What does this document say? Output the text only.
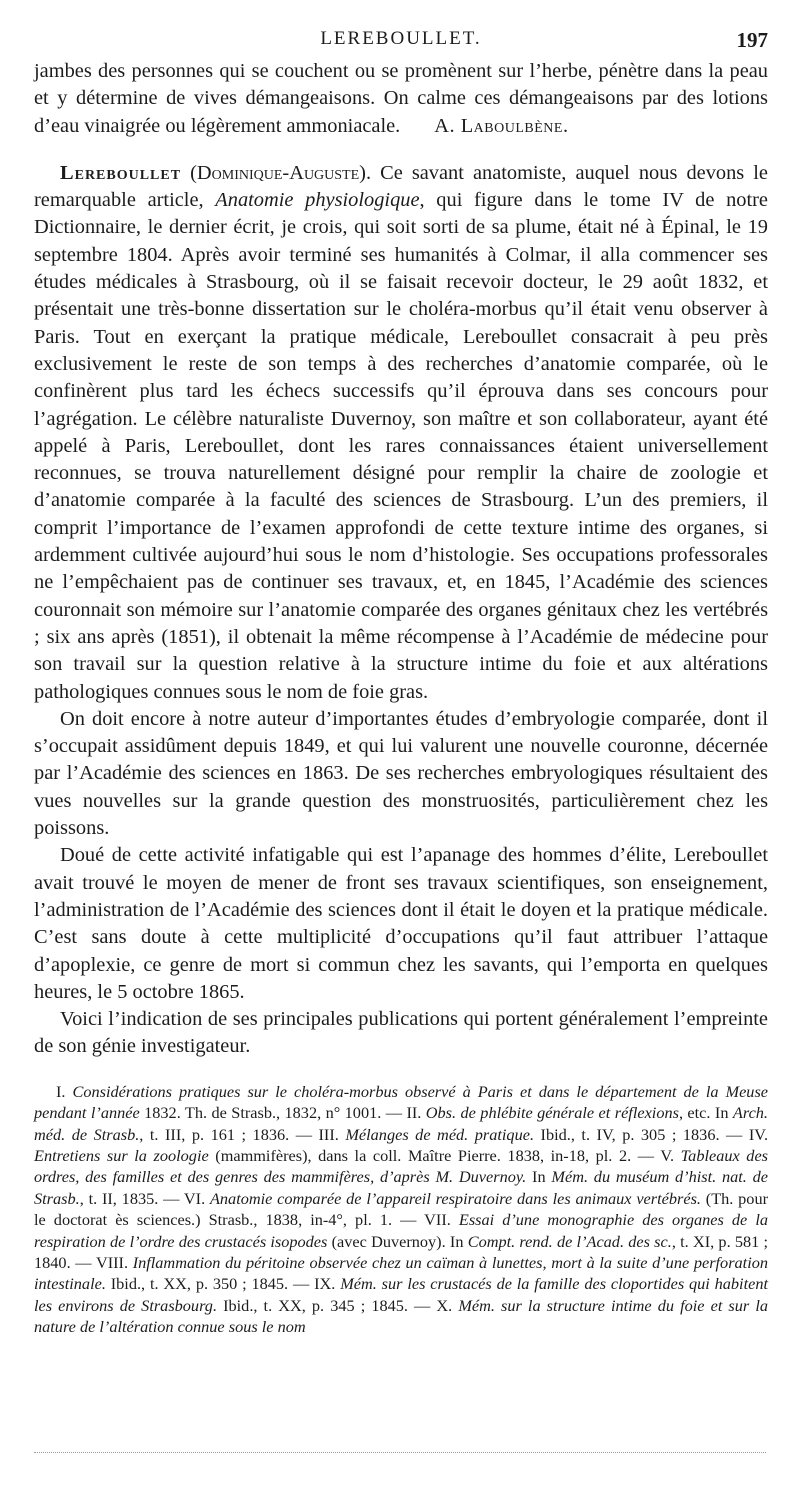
LEREBOULLET.	197

jambes des personnes qui se couchent ou se promènent sur l’herbe, pénètre dans la peau et y détermine de vives démangeaisons. On calme ces démangeaisons par des lotions d’eau vinaigrée ou légèrement ammoniacale. A. Laboulbène.

Lereboullet (Dominique-Auguste). Ce savant anatomiste, auquel nous devons le remarquable article, Anatomie physiologique, qui figure dans le tome IV de notre Dictionnaire, le dernier écrit, je crois, qui soit sorti de sa plume, était né à Épinal, le 19 septembre 1804. Après avoir terminé ses humanités à Colmar, il alla commencer ses études médicales à Strasbourg, où il se faisait recevoir docteur, le 29 août 1832, et présentait une très-bonne dissertation sur le choléra-morbus qu’il était venu observer à Paris. Tout en exerçant la pratique médicale, Lereboullet consacrait à peu près exclusivement le reste de son temps à des recherches d’anatomie comparée, où le confinèrent plus tard les échecs successifs qu’il éprouva dans ses concours pour l’agrégation. Le célèbre naturaliste Duvernoy, son maître et son collaborateur, ayant été appelé à Paris, Lereboullet, dont les rares connaissances étaient universellement reconnues, se trouva naturellement désigné pour remplir la chaire de zoologie et d’anatomie comparée à la faculté des sciences de Strasbourg. L’un des premiers, il comprit l’importance de l’examen approfondi de cette texture intime des organes, si ardemment cultivée aujourd’hui sous le nom d’histologie. Ses occupations professorales ne l’empêchaient pas de continuer ses travaux, et, en 1845, l’Académie des sciences couronnait son mémoire sur l’anatomie comparée des organes génitaux chez les vertébrés ; six ans après (1851), il obtenait la même récompense à l’Académie de médecine pour son travail sur la question relative à la structure intime du foie et aux altérations pathologiques connues sous le nom de foie gras.

On doit encore à notre auteur d’importantes études d’embryologie comparée, dont il s’occupait assidûment depuis 1849, et qui lui valurent une nouvelle couronne, décernée par l’Académie des sciences en 1863. De ses recherches embryologiques résultaient des vues nouvelles sur la grande question des monstruosités, particulièrement chez les poissons.

Doué de cette activité infatigable qui est l’apanage des hommes d’élite, Lereboullet avait trouvé le moyen de mener de front ses travaux scientifiques, son enseignement, l’administration de l’Académie des sciences dont il était le doyen et la pratique médicale. C’est sans doute à cette multiplicité d’occupations qu’il faut attribuer l’attaque d’apoplexie, ce genre de mort si commun chez les savants, qui l’emporta en quelques heures, le 5 octobre 1865.

Voici l’indication de ses principales publications qui portent généralement l’empreinte de son génie investigateur.

I. Considérations pratiques sur le choléra-morbus observé à Paris et dans le département de la Meuse pendant l’année 1832. Th. de Strasb., 1832, n° 1001. — II. Obs. de phlébite générale et réflexions, etc. In Arch. méd. de Strasb., t. III, p. 161 ; 1836. — III. Mélanges de méd. pratique. Ibid., t. IV, p. 305 ; 1836. — IV. Entretiens sur la zoologie (mammifères), dans la coll. Maître Pierre. 1838, in-18, pl. 2. — V. Tableaux des ordres, des familles et des genres des mammifères, d’après M. Duvernoy. In Mém. du muséum d’hist. nat. de Strasb., t. II, 1835. — VI. Anatomie comparée de l’appareil respiratoire dans les animaux vertébrés. (Th. pour le doctorat ès sciences.) Strasb., 1838, in-4°, pl. 1. — VII. Essai d’une monographie des organes de la respiration de l’ordre des crustacés isopodes (avec Duvernoy). In Compt. rend. de l’Acad. des sc., t. XI, p. 581 ; 1840. — VIII. Inflammation du péritoine observée chez un caïman à lunettes, mort à la suite d’une perforation intestinale. Ibid., t. XX, p. 350 ; 1845. — IX. Mém. sur les crustacés de la famille des cloportides qui habitent les environs de Strasbourg. Ibid., t. XX, p. 345 ; 1845. — X. Mém. sur la structure intime du foie et sur la nature de l’altération connue sous le nom
